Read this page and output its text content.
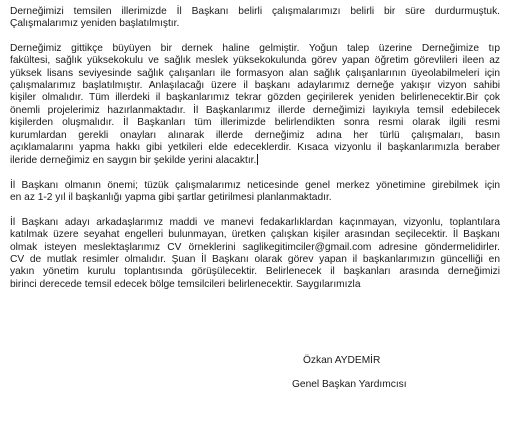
Derneğimizi temsilen illerimizde İl Başkanı belirli çalışmalarımızı belirli bir süre durdurmuştuk.
Çalışmalarımız yeniden başlatılmıştır.

Derneğimiz gittikçe büyüyen bir dernek haline gelmiştir. Yoğun talep üzerine Derneğimize tıp
fakültesi, sağlık yüksekokulu ve sağlık meslek yüksekokulunda görev yapan öğretim görevlileri ileen az
yüksek lisans seviyesinde sağlık çalışanları ile formasyon alan sağlık çalışanlarının üyeolabilmeleri için
çalışmalarımız başlatılmıştır. Anlaşılacağı üzere il başkanı adaylarımız derneğe yakışır vizyon sahibi
kişiler olmalıdır. Tüm illerdeki il başkanlarımız tekrar gözden geçirilerek yeniden belirlenecektir.Bir çok
önemli projelerimiz hazırlanmaktadır. İl Başkanlarımız illerde derneğimizi layıkıyla temsil edebilecek
kişilerden oluşmalıdır. İl Başkanları tüm illerimizde belirlendikten sonra resmi olarak ilgili resmi
kurumlardan gerekli onayları alınarak illerde derneğimiz adına her türlü çalışmaları, basın
açıklamalarını yapma hakkı gibi yetkileri elde edeceklerdir. Kısaca vizyonlu il başkanlarımızla beraber
ileride derneğimiz en saygın bir şekilde yerini alacaktır.

İl Başkanı olmanın önemi; tüzük çalışmalarımız neticesinde genel merkez yönetimine girebilmek için
en az 1-2 yıl il başkanlığı yapma gibi şartlar getirilmesi planlanmaktadır.

İl Başkanı adayı arkadaşlarımız maddi ve manevi fedakarlıklardan kaçınmayan, vizyonlu, toplantılara
katılmak üzere seyahat engelleri bulunmayan, üretken çalışkan kişiler arasından seçilecektir. İl Başkanı
olmak isteyen meslektaşlarımız CV örneklerini saglikegitimciler@gmail.com adresine göndermelidirler.
CV de mutlak resimler olmalıdır. Şuan İl Başkanı olarak görev yapan il başkanlarımızın güncelliği en
yakın yönetim kurulu toplantısında görüşülecektir. Belirlenecek il başkanları arasında derneğimizi
birinci derecede temsil edecek bölge temsilcileri belirlenecektir. Saygılarımızla

Özkan AYDEMİR

Genel Başkan Yardımcısı
